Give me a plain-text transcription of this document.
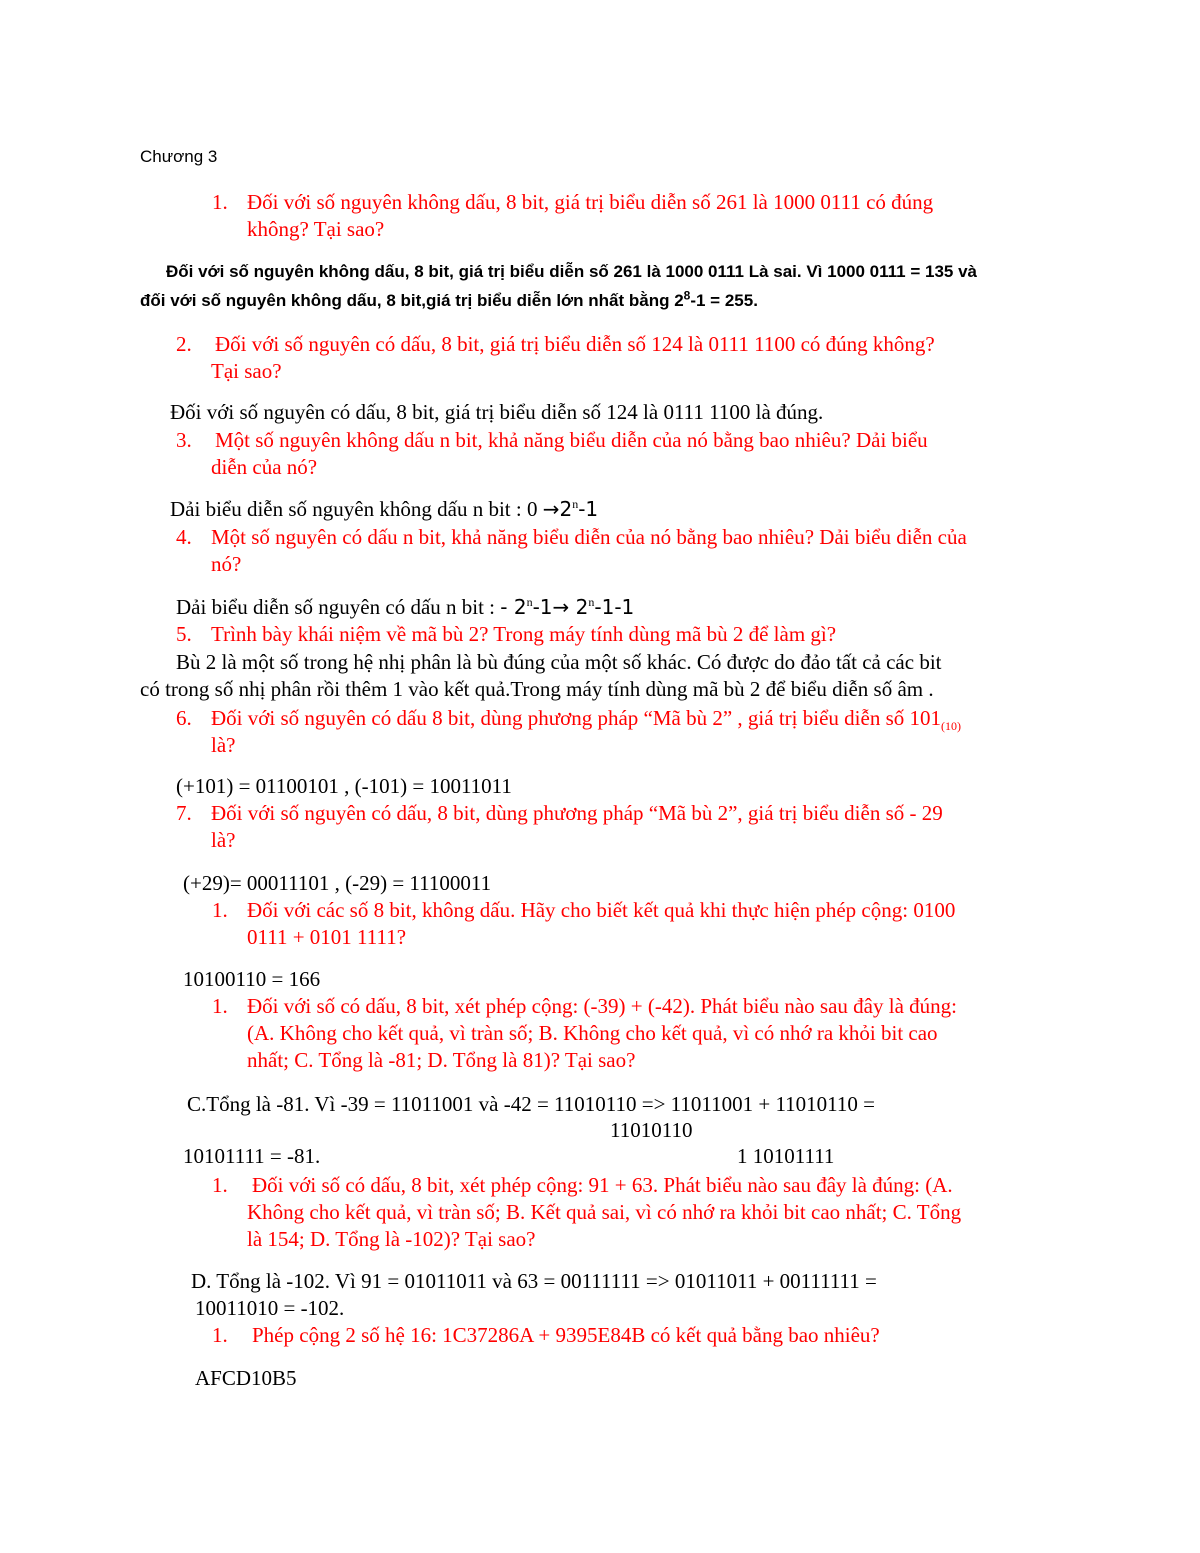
Chương 3
1. Đối với số nguyên không dấu, 8 bit, giá trị biểu diễn số 261 là 1000 0111 có đúng
không? Tại sao?
Đối với số nguyên không dấu, 8 bit, giá trị biểu diễn số 261 là 1000 0111 Là sai. Vì 1000 0111 = 135 và
đối với số nguyên không dấu, 8 bit,giá trị biểu diễn lớn nhất bằng $2^8-1 = 255$.
2. Đối với số nguyên có dấu, 8 bit, giá trị biểu diễn số 124 là 0111 1100 có đúng không?
Tại sao?
Đối với số nguyên có dấu, 8 bit, giá trị biểu diễn số 124 là 0111 1100 là đúng.
3. Một số nguyên không dấu n bit, khả năng biểu diễn của nó bằng bao nhiêu? Dải biểu
diễn của nó?
Dải biểu diễn số nguyên không dấu n bit : $0 \to 2^n-1$
4. Một số nguyên có dấu n bit, khả năng biểu diễn của nó bằng bao nhiêu? Dải biểu diễn của
nó?
Dải biểu diễn số nguyên có dấu n bit : - $2^n-1\to 2^n-1-1$
5. Trình bày khái niệm về mã bù 2? Trong máy tính dùng mã bù 2 để làm gì?
Bù 2 là một số trong hệ nhị phân là bù đúng của một số khác. Có được do đảo tất cả các bit
có trong số nhị phân rồi thêm 1 vào kết quả.Trong máy tính dùng mã bù 2 để biểu diễn số âm .
6. Đối với số nguyên có dấu 8 bit, dùng phương pháp “Mã bù 2” , giá trị biểu diễn số $101_{(10)}$
là?
(+101) = 01100101 , (-101) = 10011011
7. Đối với số nguyên có dấu, 8 bit, dùng phương pháp “Mã bù 2”, giá trị biểu diễn số - 29
là?
(+29)= 00011101 , (-29) = 11100011
1. Đối với các số 8 bit, không dấu. Hãy cho biết kết quả khi thực hiện phép cộng: 0100
0111 + 0101 1111?
10100110 = 166
1. Đối với số có dấu, 8 bit, xét phép cộng: (-39) + (-42). Phát biểu nào sau đây là đúng:
(A. Không cho kết quả, vì tràn số; B. Không cho kết quả, vì có nhớ ra khỏi bit cao
nhất; C. Tổng là -81; D. Tổng là 81)? Tại sao?
C.Tổng là -81. Vì -39 = 11011001 và -42 = 11010110 => 11011001 + 11010110 =
11010110
10101111 = -81.	1 10101111
1. Đối với số có dấu, 8 bit, xét phép cộng: 91 + 63. Phát biểu nào sau đây là đúng: (A.
Không cho kết quả, vì tràn số; B. Kết quả sai, vì có nhớ ra khỏi bit cao nhất; C. Tổng
là 154; D. Tổng là -102)? Tại sao?
D. Tổng là -102. Vì 91 = 01011011 và 63 = 00111111 => 01011011 + 00111111 =
10011010 = -102.
1. Phép cộng 2 số hệ 16: 1C37286A + 9395E84B có kết quả bằng bao nhiêu?
AFCD10B5
